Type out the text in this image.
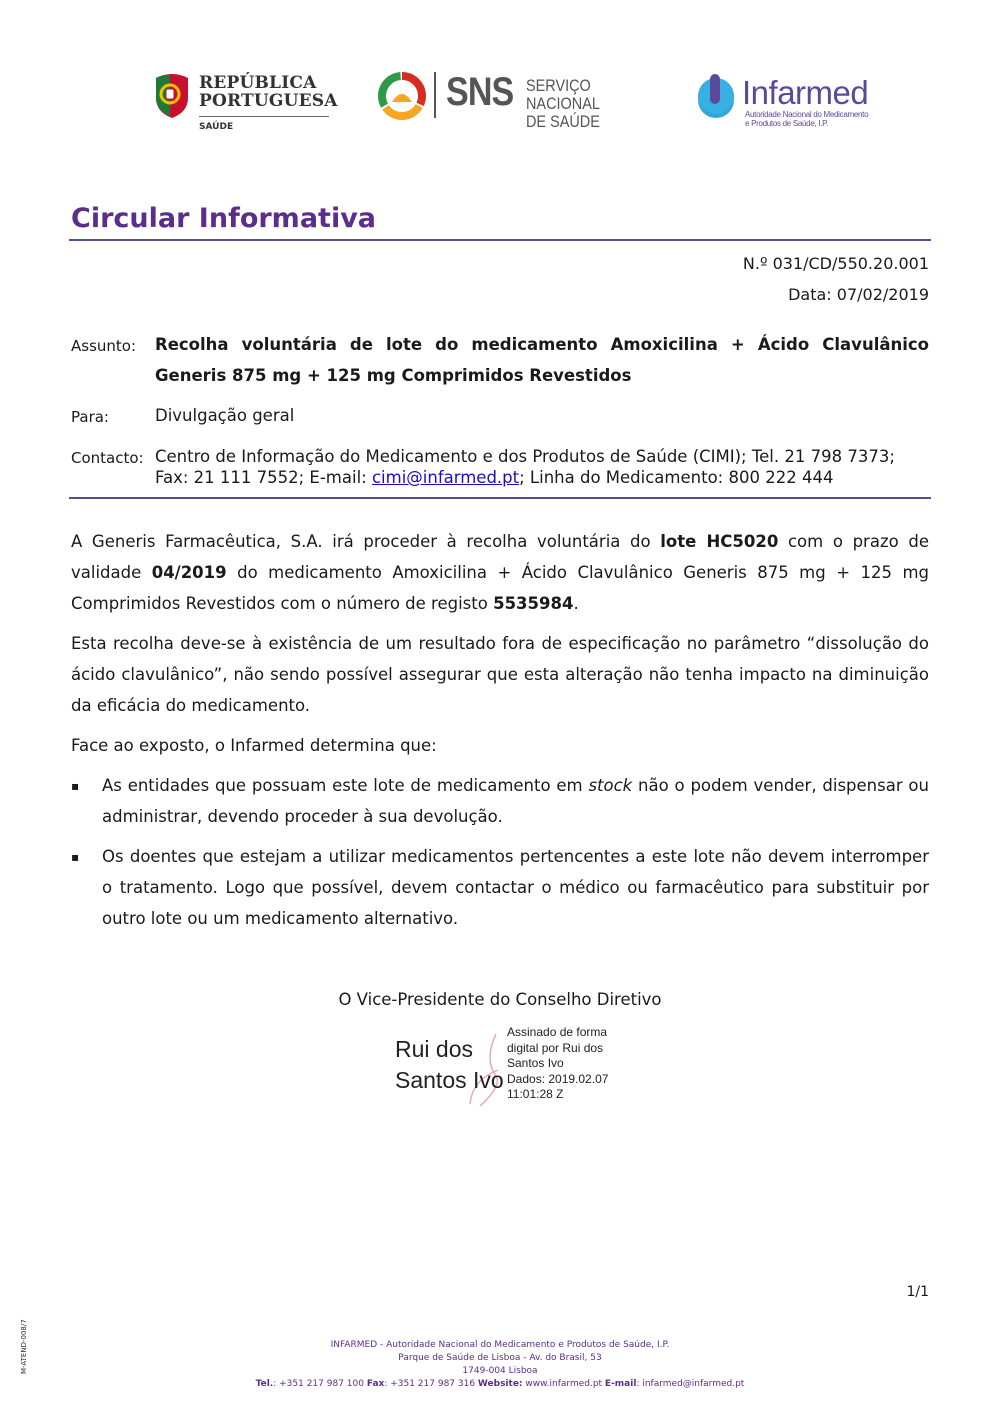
REPÚBLICA
PORTUGUESA
SAÚDE
SNS SERVIÇO NACIONAL
DE SAÚDE
Infarmed
Autoridade Nacional do Medicamento
e Produtos de Saúde, I.P.
Circular Informativa
N.º 031/CD/550.20.001
Data: 07/02/2019
Assunto: Recolha voluntária de lote do medicamento Amoxicilina + Ácido Clavulânico Generis 875 mg + 125 mg Comprimidos Revestidos
Para:	Divulgação geral
Contacto: Centro de Informação do Medicamento e dos Produtos de Saúde (CIMI); Tel. 21 798 7373;
Fax: 21 111 7552; E-mail: cimi@infarmed.pt; Linha do Medicamento: 800 222 444
A Generis Farmacêutica, S.A. irá proceder à recolha voluntária do lote HC5020 com o prazo de validade 04/2019 do medicamento Amoxicilina + Ácido Clavulânico Generis 875 mg + 125 mg Comprimidos Revestidos com o número de registo 5535984.
Esta recolha deve-se à existência de um resultado fora de especificação no parâmetro “dissolução do ácido clavulânico”, não sendo possível assegurar que esta alteração não tenha impacto na diminuição da eficácia do medicamento.
Face ao exposto, o Infarmed determina que:
▪ As entidades que possuam este lote de medicamento em stock não o podem vender, dispensar ou administrar, devendo proceder à sua devolução.
▪ Os doentes que estejam a utilizar medicamentos pertencentes a este lote não devem interromper o tratamento. Logo que possível, devem contactar o médico ou farmacêutico para substituir por outro lote ou um medicamento alternativo.
O Vice-Presidente do Conselho Diretivo
Rui dos
Santos Ivo
Assinado de forma
digital por Rui dos
Santos Ivo
Dados: 2019.02.07
11:01:28 Z
1/1
M-ATEND-008/7	INFARMED - Autoridade Nacional do Medicamento e Produtos de Saúde, I.P.
Parque de Saúde de Lisboa - Av. do Brasil, 53
1749-004 Lisboa
Tel.: +351 217 987 100 Fax: +351 217 987 316 Website: www.infarmed.pt E-mail: infarmed@infarmed.pt
